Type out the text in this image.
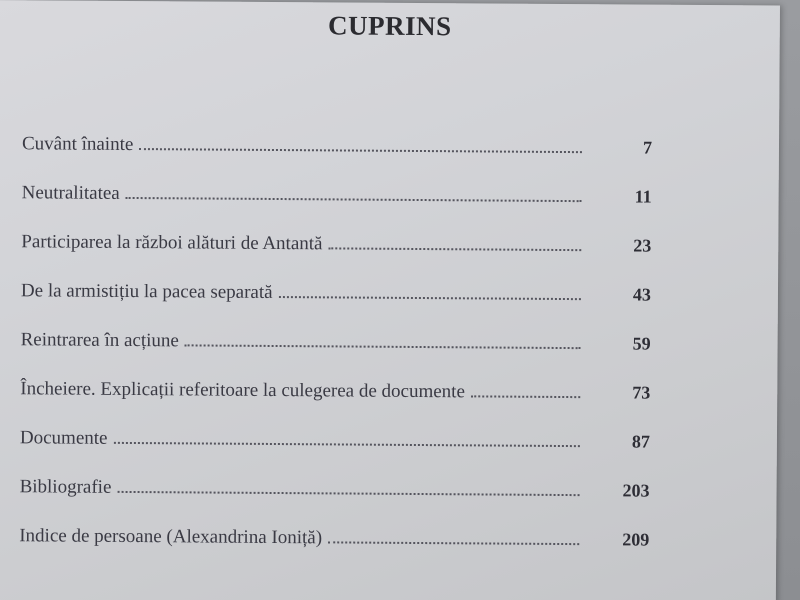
CUPRINS
Cuvânt înainte	7
Neutralitatea	11
Participarea la război alături de Antantă	23
De la armistițiu la pacea separată	43
Reintrarea în acțiune	59
Încheiere. Explicații referitoare la culegerea de documente	73
Documente	87
Bibliografie	203
Indice de persoane (Alexandrina Ioniță)	209
